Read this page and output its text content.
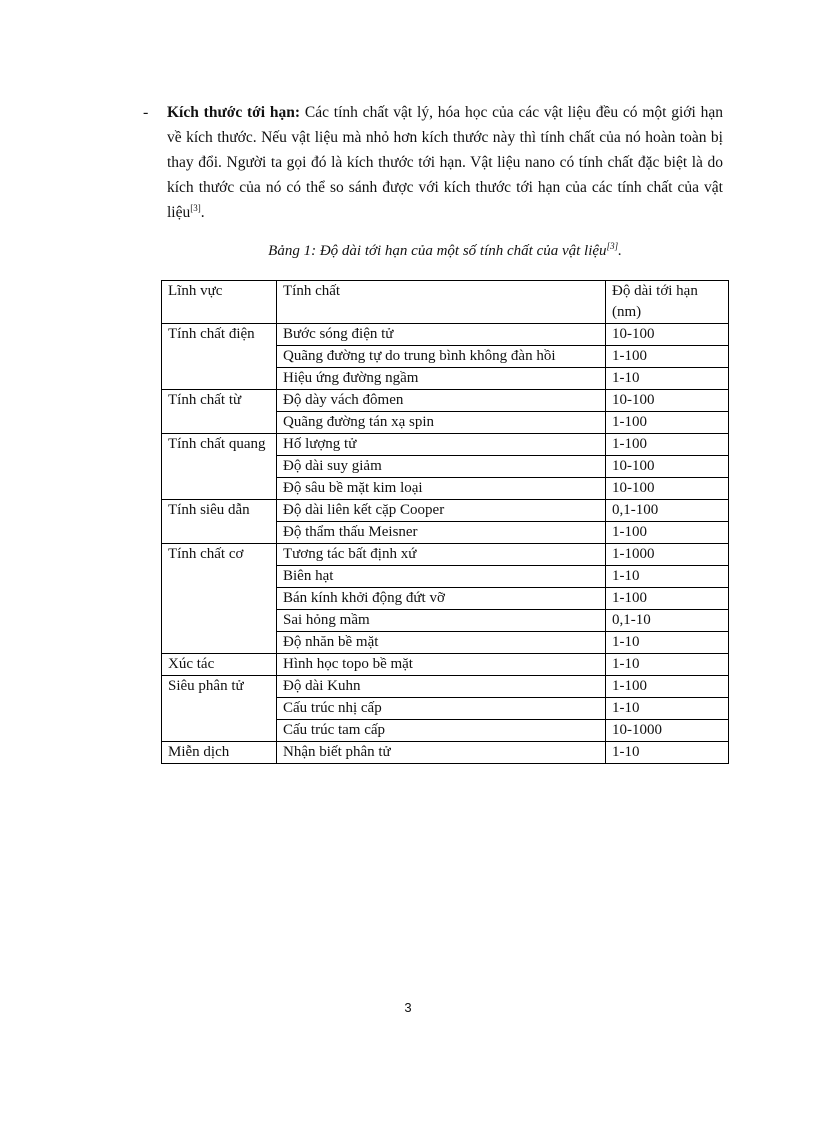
- Kích thước tới hạn: Các tính chất vật lý, hóa học của các vật liệu đều có một giới hạn về kích thước. Nếu vật liệu mà nhỏ hơn kích thước này thì tính chất của nó hoàn toàn bị thay đổi. Người ta gọi đó là kích thước tới hạn. Vật liệu nano có tính chất đặc biệt là do kích thước của nó có thể so sánh được với kích thước tới hạn của các tính chất của vật liệu[3].

Bảng 1: Độ dài tới hạn của một số tính chất của vật liệu[3].
Lĩnh vực	Tính chất	Độ dài tới hạn (nm)

Tính chất điện	Bước sóng điện tử	10-100
	Quãng đường tự do trung bình không đàn hồi	1-100
	Hiệu ứng đường ngầm	1-10

Tính chất từ	Độ dày vách đômen	10-100
	Quãng đường tán xạ spin	1-100

Tính chất quang	Hố lượng tử	1-100
	Độ dài suy giảm	10-100
	Độ sâu bề mặt kim loại	10-100

Tính siêu dẫn	Độ dài liên kết cặp Cooper	0,1-100
	Độ thẩm thấu Meisner	1-100

Tính chất cơ	Tương tác bất định xứ	1-1000
	Biên hạt	1-10
	Bán kính khởi động đứt vỡ	1-100
	Sai hỏng mầm	0,1-10
	Độ nhăn bề mặt	1-10

Xúc tác	Hình học topo bề mặt	1-10

Siêu phân tử	Độ dài Kuhn	1-100
	Cấu trúc nhị cấp	1-10
	Cấu trúc tam cấp	10-1000

Miễn dịch	Nhận biết phân tử	1-10
3
